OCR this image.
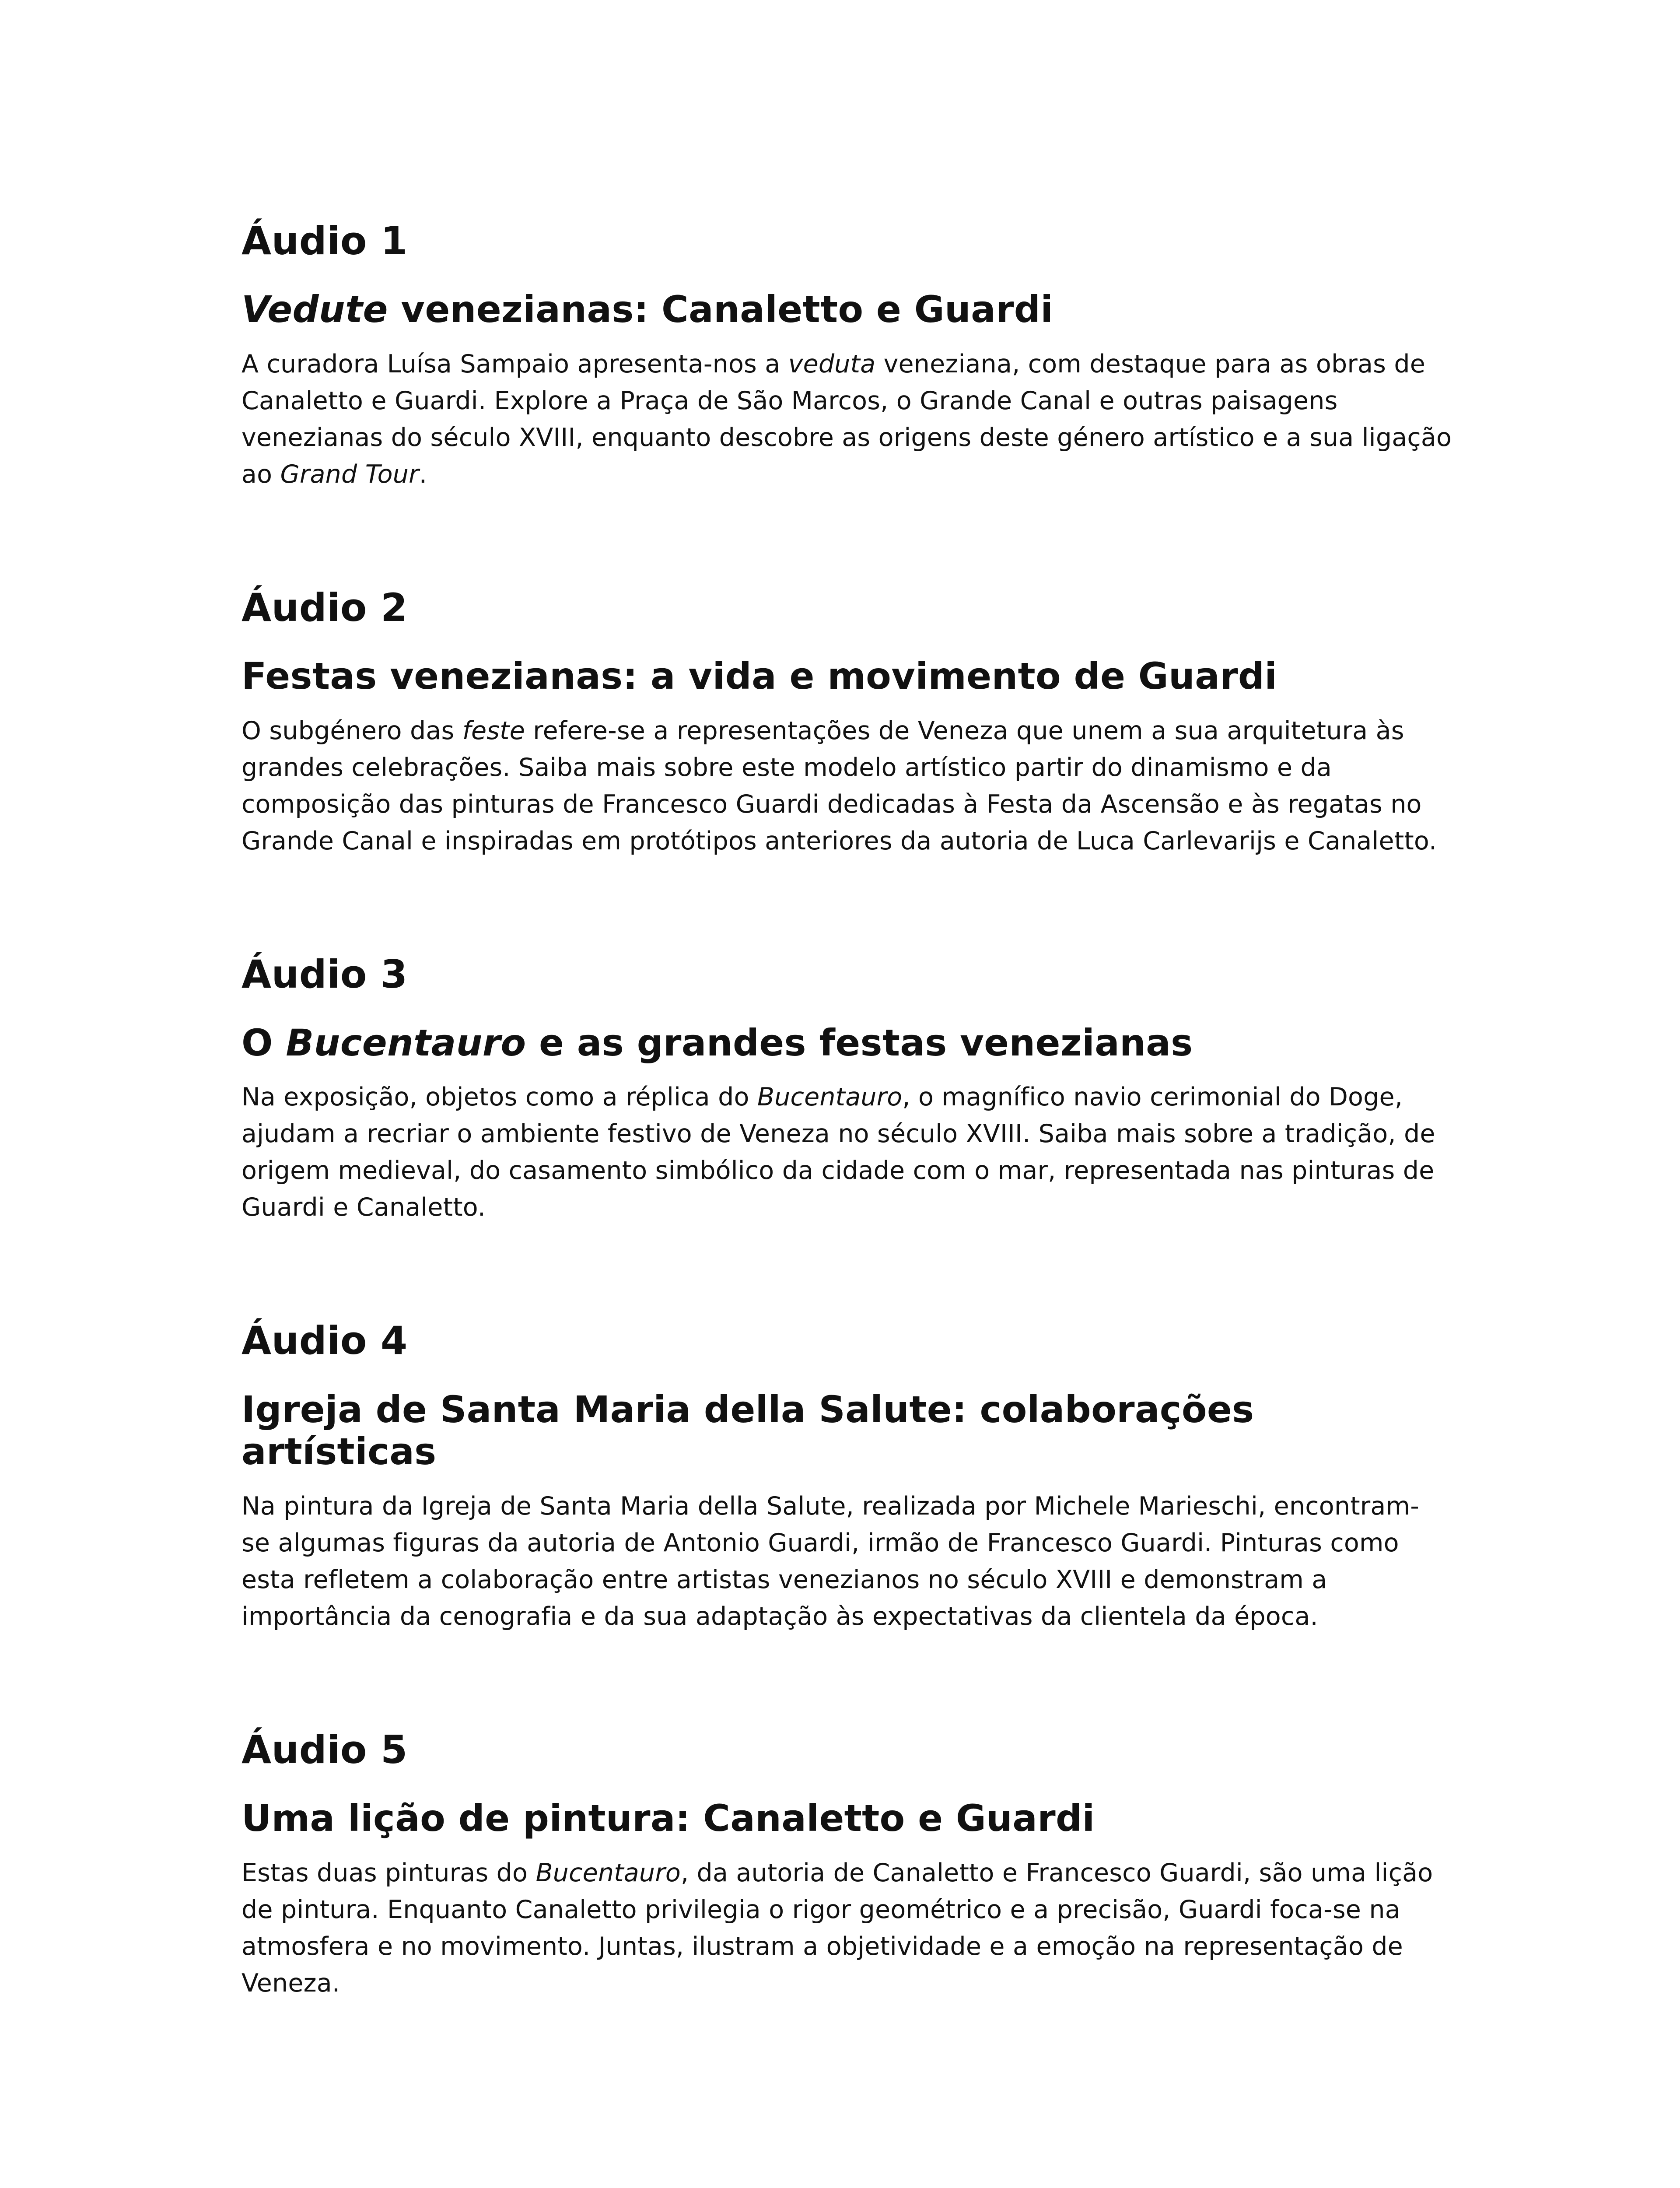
Áudio 1
Vedute venezianas: Canaletto e Guardi

A curadora Luísa Sampaio apresenta-nos a veduta veneziana, com destaque para as obras de
Canaletto e Guardi. Explore a Praça de São Marcos, o Grande Canal e outras paisagens
venezianas do século XVIII, enquanto descobre as origens deste género artístico e a sua ligação
ao Grand Tour.

Áudio 2
Festas venezianas: a vida e movimento de Guardi

O subgénero das feste refere-se a representações de Veneza que unem a sua arquitetura às
grandes celebrações. Saiba mais sobre este modelo artístico partir do dinamismo e da
composição das pinturas de Francesco Guardi dedicadas à Festa da Ascensão e às regatas no
Grande Canal e inspiradas em protótipos anteriores da autoria de Luca Carlevarijs e Canaletto.

Áudio 3
O Bucentauro e as grandes festas venezianas

Na exposição, objetos como a réplica do Bucentauro, o magnífico navio cerimonial do Doge,
ajudam a recriar o ambiente festivo de Veneza no século XVIII. Saiba mais sobre a tradição, de
origem medieval, do casamento simbólico da cidade com o mar, representada nas pinturas de
Guardi e Canaletto.

Áudio 4
Igreja de Santa Maria della Salute: colaborações artísticas

Na pintura da Igreja de Santa Maria della Salute, realizada por Michele Marieschi, encontram-
se algumas figuras da autoria de Antonio Guardi, irmão de Francesco Guardi. Pinturas como
esta refletem a colaboração entre artistas venezianos no século XVIII e demonstram a
importância da cenografia e da sua adaptação às expectativas da clientela da época.

Áudio 5
Uma lição de pintura: Canaletto e Guardi

Estas duas pinturas do Bucentauro, da autoria de Canaletto e Francesco Guardi, são uma lição
de pintura. Enquanto Canaletto privilegia o rigor geométrico e a precisão, Guardi foca-se na
atmosfera e no movimento. Juntas, ilustram a objetividade e a emoção na representação de
Veneza.
